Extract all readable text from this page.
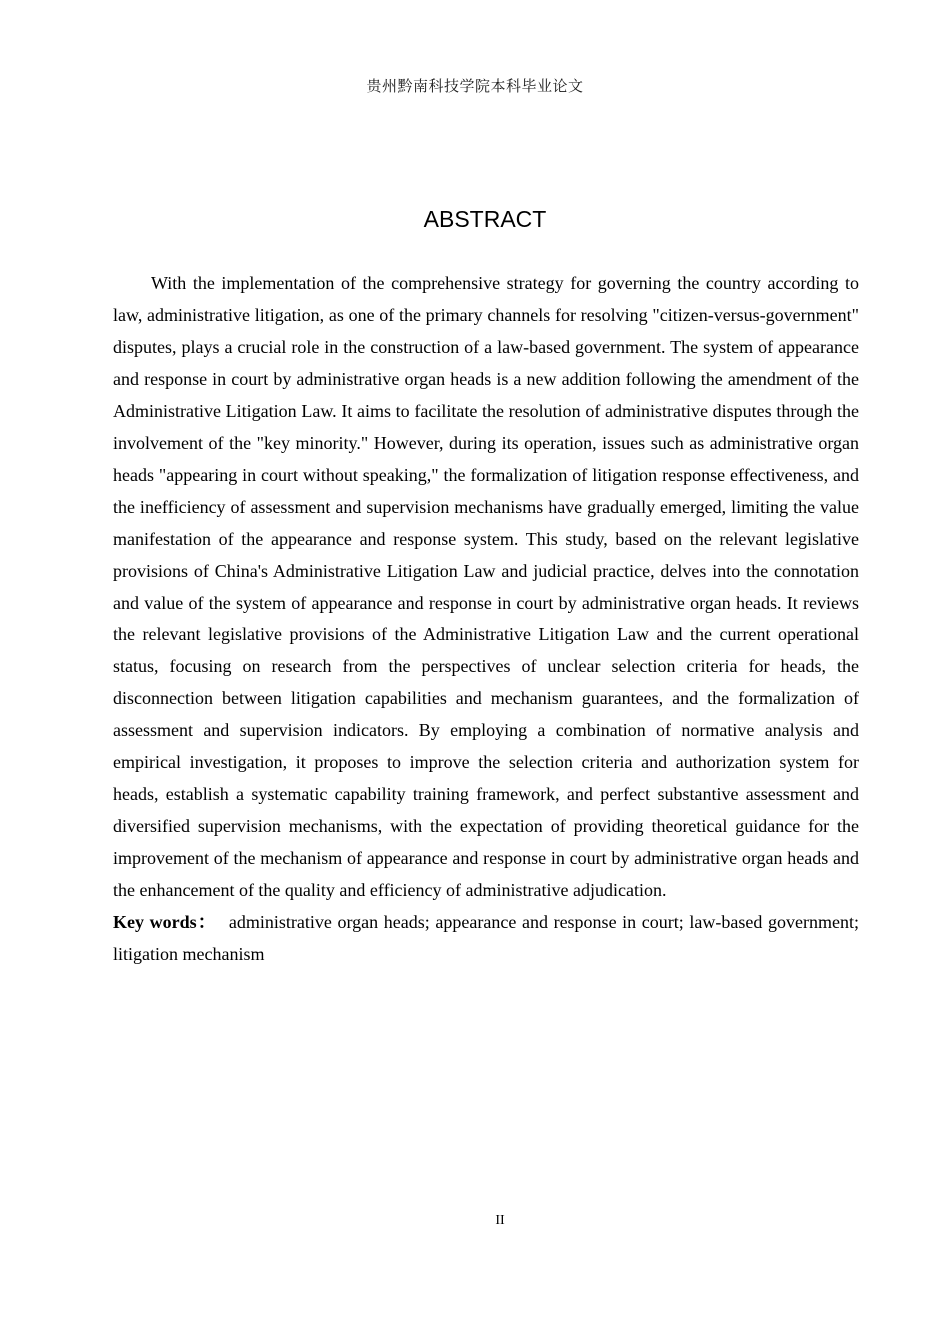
贵州黔南科技学院本科毕业论文
ABSTRACT

With the implementation of the comprehensive strategy for governing the country according to law, administrative litigation, as one of the primary channels for resolving "citizen-versus-government" disputes, plays a crucial role in the construction of a law-based government. The system of appearance and response in court by administrative organ heads is a new addition following the amendment of the Administrative Litigation Law. It aims to facilitate the resolution of administrative disputes through the involvement of the "key minority." However, during its operation, issues such as administrative organ heads "appearing in court without speaking," the formalization of litigation response effectiveness, and the inefficiency of assessment and supervision mechanisms have gradually emerged, limiting the value manifestation of the appearance and response system. This study, based on the relevant legislative provisions of China's Administrative Litigation Law and judicial practice, delves into the connotation and value of the system of appearance and response in court by administrative organ heads. It reviews the relevant legislative provisions of the Administrative Litigation Law and the current operational status, focusing on research from the perspectives of unclear selection criteria for heads, the disconnection between litigation capabilities and mechanism guarantees, and the formalization of assessment and supervision indicators. By employing a combination of normative analysis and empirical investigation, it proposes to improve the selection criteria and authorization system for heads, establish a systematic capability training framework, and perfect substantive assessment and diversified supervision mechanisms, with the expectation of providing theoretical guidance for the improvement of the mechanism of appearance and response in court by administrative organ heads and the enhancement of the quality and efficiency of administrative adjudication.

Key words： administrative organ heads; appearance and response in court; law-based government; litigation mechanism

II
